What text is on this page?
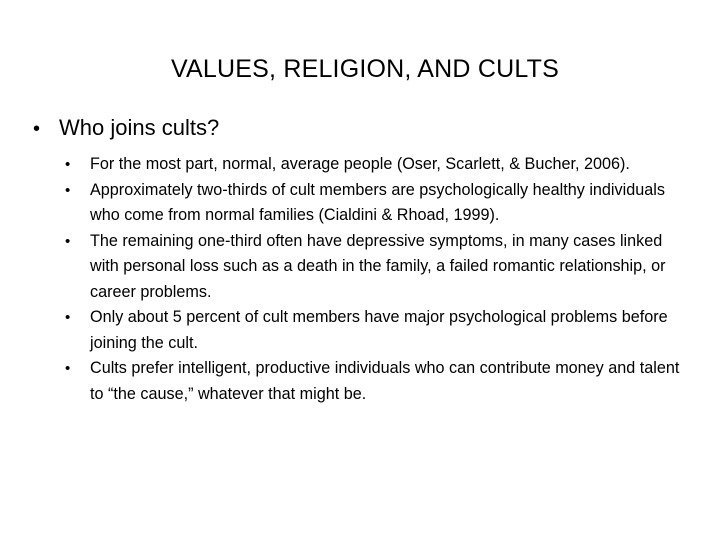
VALUES, RELIGION, AND CULTS
• Who joins cults?
•	For the most part, normal, average people (Oser, Scarlett, & Bucher, 2006).
•	Approximately two-thirds of cult members are psychologically healthy individuals who come from normal families (Cialdini & Rhoad, 1999).
•	The remaining one-third often have depressive symptoms, in many cases linked with personal loss such as a death in the family, a failed romantic relationship, or career problems.
•	Only about 5 percent of cult members have major psychological problems before joining the cult.
•	Cults prefer intelligent, productive individuals who can contribute money and talent to “the cause,” whatever that might be.
